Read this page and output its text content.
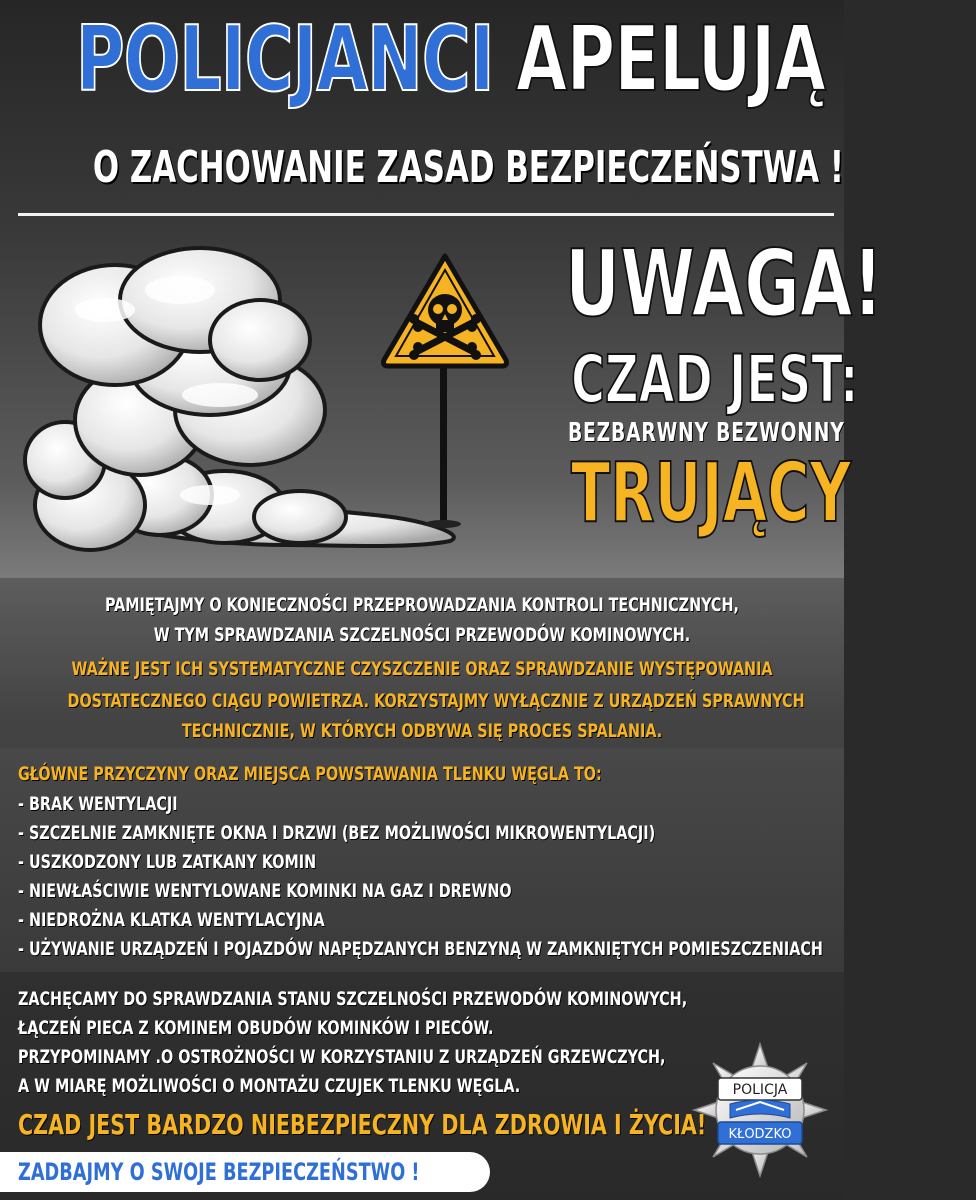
POLICJANCI APELUJĄ
O ZACHOWANIE ZASAD BEZPIECZEŃSTWA !
UWAGA!
CZAD JEST:
BEZBARWNY BEZWONNY
TRUJĄCY
PAMIĘTAJMY O KONIECZNOŚCI PRZEPROWADZANIA KONTROLI TECHNICZNYCH,
W TYM SPRAWDZANIA SZCZELNOŚCI PRZEWODÓW KOMINOWYCH.
WAŻNE JEST ICH SYSTEMATYCZNE CZYSZCZENIE ORAZ SPRAWDZANIE WYSTĘPOWANIA
DOSTATECZNEGO CIĄGU POWIETRZA. KORZYSTAJMY WYŁĄCZNIE Z URZĄDZEŃ SPRAWNYCH
TECHNICZNIE, W KTÓRYCH ODBYWA SIĘ PROCES SPALANIA.
GŁÓWNE PRZYCZYNY ORAZ MIEJSCA POWSTAWANIA TLENKU WĘGLA TO:
- BRAK WENTYLACJI
- SZCZELNIE ZAMKNIĘTE OKNA I DRZWI (BEZ MOŻLIWOŚCI MIKROWENTYLACJI)
- USZKODZONY LUB ZATKANY KOMIN
- NIEWŁAŚCIWIE WENTYLOWANE KOMINKI NA GAZ I DREWNO
- NIEDROŻNA KLATKA WENTYLACYJNA
- UŻYWANIE URZĄDZEŃ I POJAZDÓW NAPĘDZANYCH BENZYNĄ W ZAMKNIĘTYCH POMIESZCZENIACH
ZACHĘCAMY DO SPRAWDZANIA STANU SZCZELNOŚCI PRZEWODÓW KOMINOWYCH,
ŁĄCZEŃ PIECA Z KOMINEM OBUDÓW KOMINKÓW I PIECÓW.
PRZYPOMINAMY .O OSTROŻNOŚCI W KORZYSTANIU Z URZĄDZEŃ GRZEWCZYCH,
A W MIARĘ MOŻLIWOŚCI O MONTAŻU CZUJEK TLENKU WĘGLA.
CZAD JEST BARDZO NIEBEZPIECZNY DLA ZDROWIA I ŻYCIA!
ZADBAJMY O SWOJE BEZPIECZEŃSTWO !
POLICJA
KŁODZKO
